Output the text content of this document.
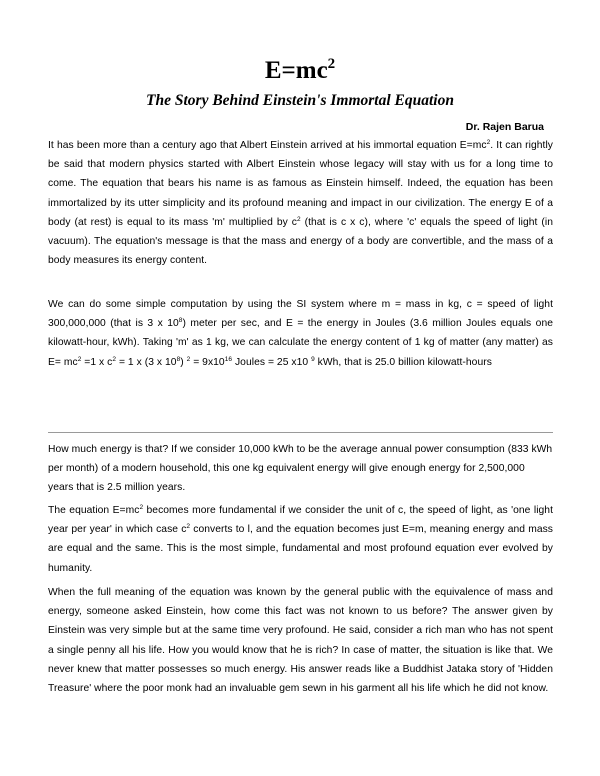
$E=mc^2$
The Story Behind Einstein's Immortal Equation
Dr. Rajen Barua

It has been more than a century ago that Albert Einstein arrived at his immortal equation $E=mc^2$. It can rightly be said that modern physics started with Albert Einstein whose legacy will stay with us for a long time to come. The equation that bears his name is as famous as Einstein himself. Indeed, the equation has been immortalized by its utter simplicity and its profound meaning and impact in our civilization. The energy E of a body (at rest) is equal to its mass 'm' multiplied by $c^2$ (that is c x c), where 'c' equals the speed of light (in vacuum). The equation's message is that the mass and energy of a body are convertible, and the mass of a body measures its energy content.

We can do some simple computation by using the SI system where m = mass in kg, c = speed of light 300,000,000 (that is 3 x $10^8$) meter per sec, and E = the energy in Joules (3.6 million Joules equals one kilowatt-hour, kWh). Taking 'm' as 1 kg, we can calculate the energy content of 1 kg of matter (any matter) as $E= mc^2 =1$ x $c^2 = 1$ x (3 x $10^8$) $^2 = 9x10^{16}$ Joules = 25 x10 $^9$ kWh, that is 25.0 billion kilowatt-hours

How much energy is that? If we consider 10,000 kWh to be the average annual power consumption (833 kWh per month) of a modern household, this one kg equivalent energy will give enough energy for 2,500,000 years that is 2.5 million years.

The equation $E=mc^2$ becomes more fundamental if we consider the unit of c, the speed of light, as 'one light year per year' in which case $c^2$ converts to l, and the equation becomes just E=m, meaning energy and mass are equal and the same. This is the most simple, fundamental and most profound equation ever evolved by humanity.

When the full meaning of the equation was known by the general public with the equivalence of mass and energy, someone asked Einstein, how come this fact was not known to us before? The answer given by Einstein was very simple but at the same time very profound. He said, consider a rich man who has not spent a single penny all his life. How you would know that he is rich? In case of matter, the situation is like that. We never knew that matter possesses so much energy. His answer reads like a Buddhist Jataka story of 'Hidden Treasure' where the poor monk had an invaluable gem sewn in his garment all his life which he did not know.
